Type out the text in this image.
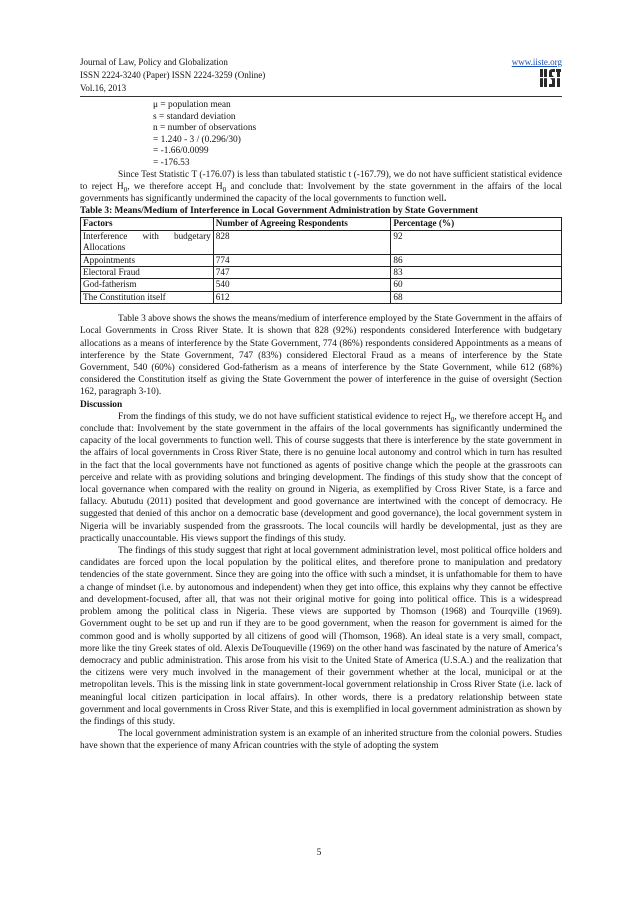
Journal of Law, Policy and Globalization
ISSN 2224-3240 (Paper) ISSN 2224-3259 (Online)
Vol.16, 2013
www.iiste.org
μ = population mean
s = standard deviation
n = number of observations
= 1.240 - 3 / (0.296/30)
= -1.66/0.0099
= -176.53

Since Test Statistic T (-176.07) is less than tabulated statistic t (-167.79), we do not have sufficient statistical evidence to reject $H_0$, we therefore accept $H_0$ and conclude that: Involvement by the state government in the affairs of the local governments has significantly undermined the capacity of the local governments to function well.

Table 3: Means/Medium of Interference in Local Government Administration by State Government
Factors	Number of Agreeing Respondents	Percentage (%)
Interference with budgetary Allocations	828	92
Appointments	774	86
Electoral Fraud	747	83
God-fatherism	540	60
The Constitution itself	612	68

Table 3 above shows the shows the means/medium of interference employed by the State Government in the affairs of Local Governments in Cross River State. It is shown that 828 (92%) respondents considered Interference with budgetary allocations as a means of interference by the State Government, 774 (86%) respondents considered Appointments as a means of interference by the State Government, 747 (83%) considered Electoral Fraud as a means of interference by the State Government, 540 (60%) considered God-fatherism as a means of interference by the State Government, while 612 (68%) considered the Constitution itself as giving the State Government the power of interference in the guise of oversight (Section 162, paragraph 3-10).

Discussion

From the findings of this study, we do not have sufficient statistical evidence to reject $H_0$, we therefore accept $H_0$ and conclude that: Involvement by the state government in the affairs of the local governments has significantly undermined the capacity of the local governments to function well. This of course suggests that there is interference by the state government in the affairs of local governments in Cross River State, there is no genuine local autonomy and control which in turn has resulted in the fact that the local governments have not functioned as agents of positive change which the people at the grassroots can perceive and relate with as providing solutions and bringing development. The findings of this study show that the concept of local governance when compared with the reality on ground in Nigeria, as exemplified by Cross River State, is a farce and fallacy. Abutudu (2011) posited that development and good governance are intertwined with the concept of democracy. He suggested that denied of this anchor on a democratic base (development and good governance), the local government system in Nigeria will be invariably suspended from the grassroots. The local councils will hardly be developmental, just as they are practically unaccountable. His views support the findings of this study.

The findings of this study suggest that right at local government administration level, most political office holders and candidates are forced upon the local population by the political elites, and therefore prone to manipulation and predatory tendencies of the state government. Since they are going into the office with such a mindset, it is unfathomable for them to have a change of mindset (i.e. by autonomous and independent) when they get into office, this explains why they cannot be effective and development-focused, after all, that was not their original motive for going into political office. This is a widespread problem among the political class in Nigeria. These views are supported by Thomson (1968) and Tourqville (1969). Government ought to be set up and run if they are to be good government, when the reason for government is aimed for the common good and is wholly supported by all citizens of good will (Thomson, 1968). An ideal state is a very small, compact, more like the tiny Greek states of old. Alexis DeTouqueville (1969) on the other hand was fascinated by the nature of America’s democracy and public administration. This arose from his visit to the United State of America (U.S.A.) and the realization that the citizens were very much involved in the management of their government whether at the local, municipal or at the metropolitan levels. This is the missing link in state government-local government relationship in Cross River State (i.e. lack of meaningful local citizen participation in local affairs). In other words, there is a predatory relationship between state government and local governments in Cross River State, and this is exemplified in local government administration as shown by the findings of this study.

The local government administration system is an example of an inherited structure from the colonial powers. Studies have shown that the experience of many African countries with the style of adopting the system

5
